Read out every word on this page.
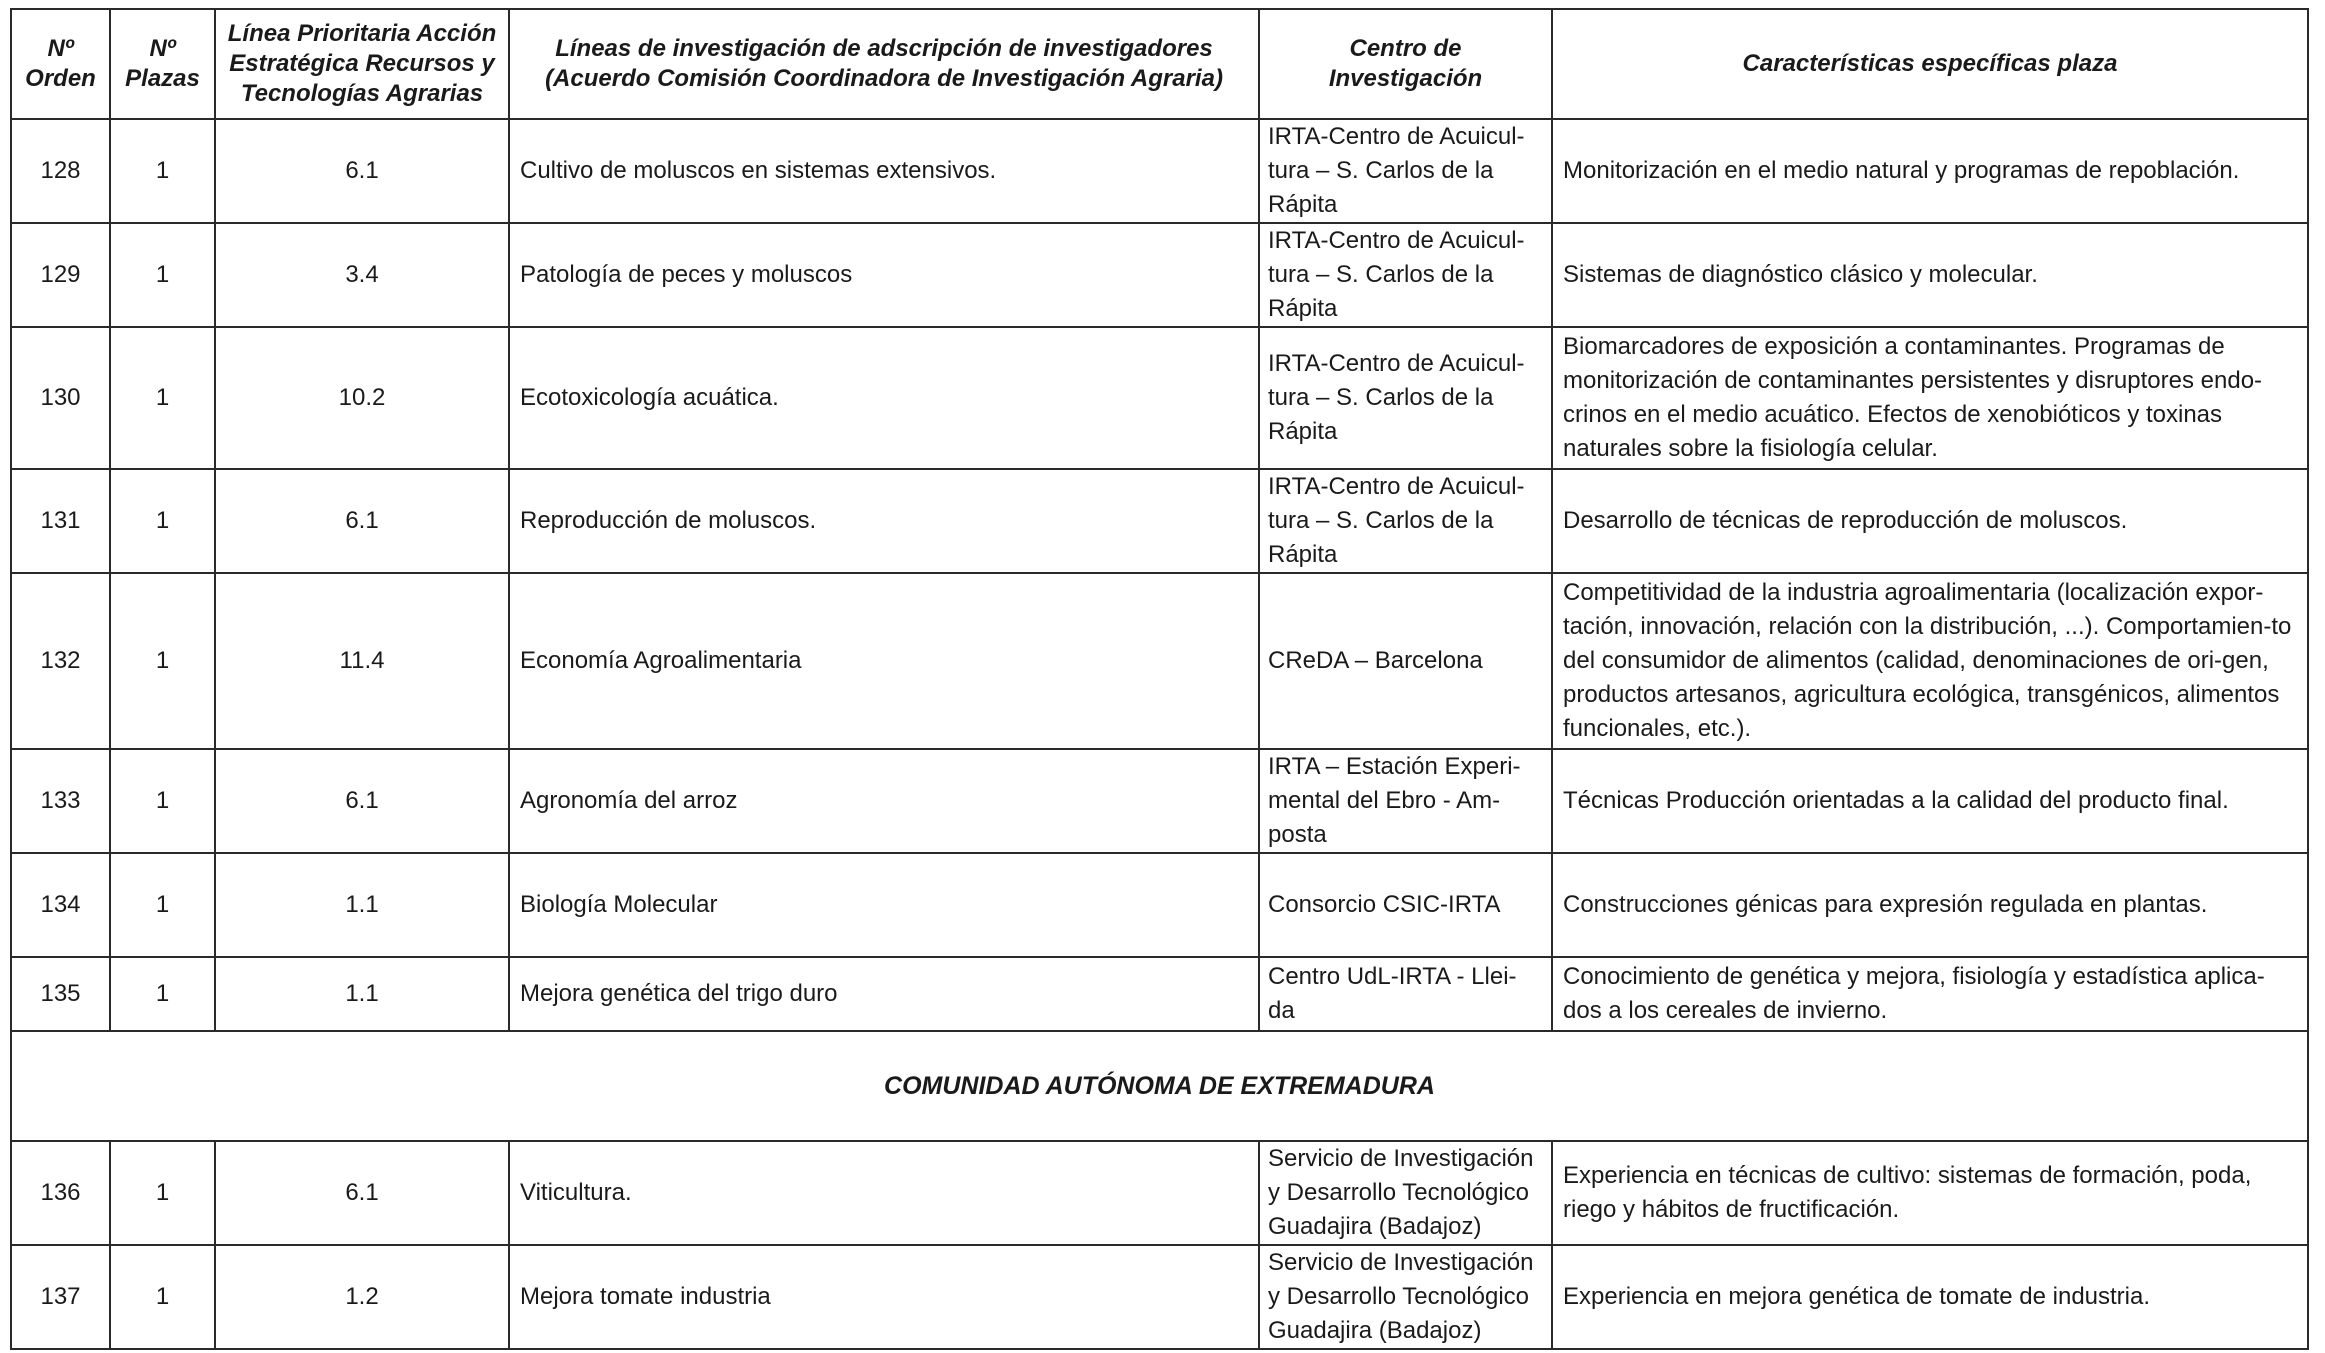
Nº Orden	Nº Plazas	Línea Prioritaria Acción Estratégica Recursos y Tecnologías Agrarias	Líneas de investigación de adscripción de investigadores (Acuerdo Comisión Coordinadora de Investigación Agraria)	Centro de Investigación	Características específicas plaza
128	1	6.1	Cultivo de moluscos en sistemas extensivos.	IRTA-Centro de Acuicul-tura – S. Carlos de la Rápita	Monitorización en el medio natural y programas de repoblación.
129	1	3.4	Patología de peces y moluscos	IRTA-Centro de Acuicul-tura – S. Carlos de la Rápita	Sistemas de diagnóstico clásico y molecular.
130	1	10.2	Ecotoxicología acuática.	IRTA-Centro de Acuicul-tura – S. Carlos de la Rápita	Biomarcadores de exposición a contaminantes. Programas de monitorización de contaminantes persistentes y disruptores endo-crinos en el medio acuático. Efectos de xenobióticos y toxinas naturales sobre la fisiología celular.
131	1	6.1	Reproducción de moluscos.	IRTA-Centro de Acuicul-tura – S. Carlos de la Rápita	Desarrollo de técnicas de reproducción de moluscos.
132	1	11.4	Economía Agroalimentaria	CReDA – Barcelona	Competitividad de la industria agroalimentaria (localización expor-tación, innovación, relación con la distribución, ...). Comportamien-to del consumidor de alimentos (calidad, denominaciones de ori-gen, productos artesanos, agricultura ecológica, transgénicos, alimentos funcionales, etc.).
133	1	6.1	Agronomía del arroz	IRTA – Estación Experi-mental del Ebro - Am-posta	Técnicas Producción orientadas a la calidad del producto final.
134	1	1.1	Biología Molecular	Consorcio CSIC-IRTA	Construcciones génicas para expresión regulada en plantas.
135	1	1.1	Mejora genética del trigo duro	Centro UdL-IRTA - Llei-da	Conocimiento de genética y mejora, fisiología y estadística aplica-dos a los cereales de invierno.
COMUNIDAD AUTÓNOMA DE EXTREMADURA					
136	1	6.1	Viticultura.	Servicio de Investigación y Desarrollo Tecnológico Guadajira (Badajoz)	Experiencia en técnicas de cultivo: sistemas de formación, poda, riego y hábitos de fructificación.
137	1	1.2	Mejora tomate industria	Servicio de Investigación y Desarrollo Tecnológico Guadajira (Badajoz)	Experiencia en mejora genética de tomate de industria.
